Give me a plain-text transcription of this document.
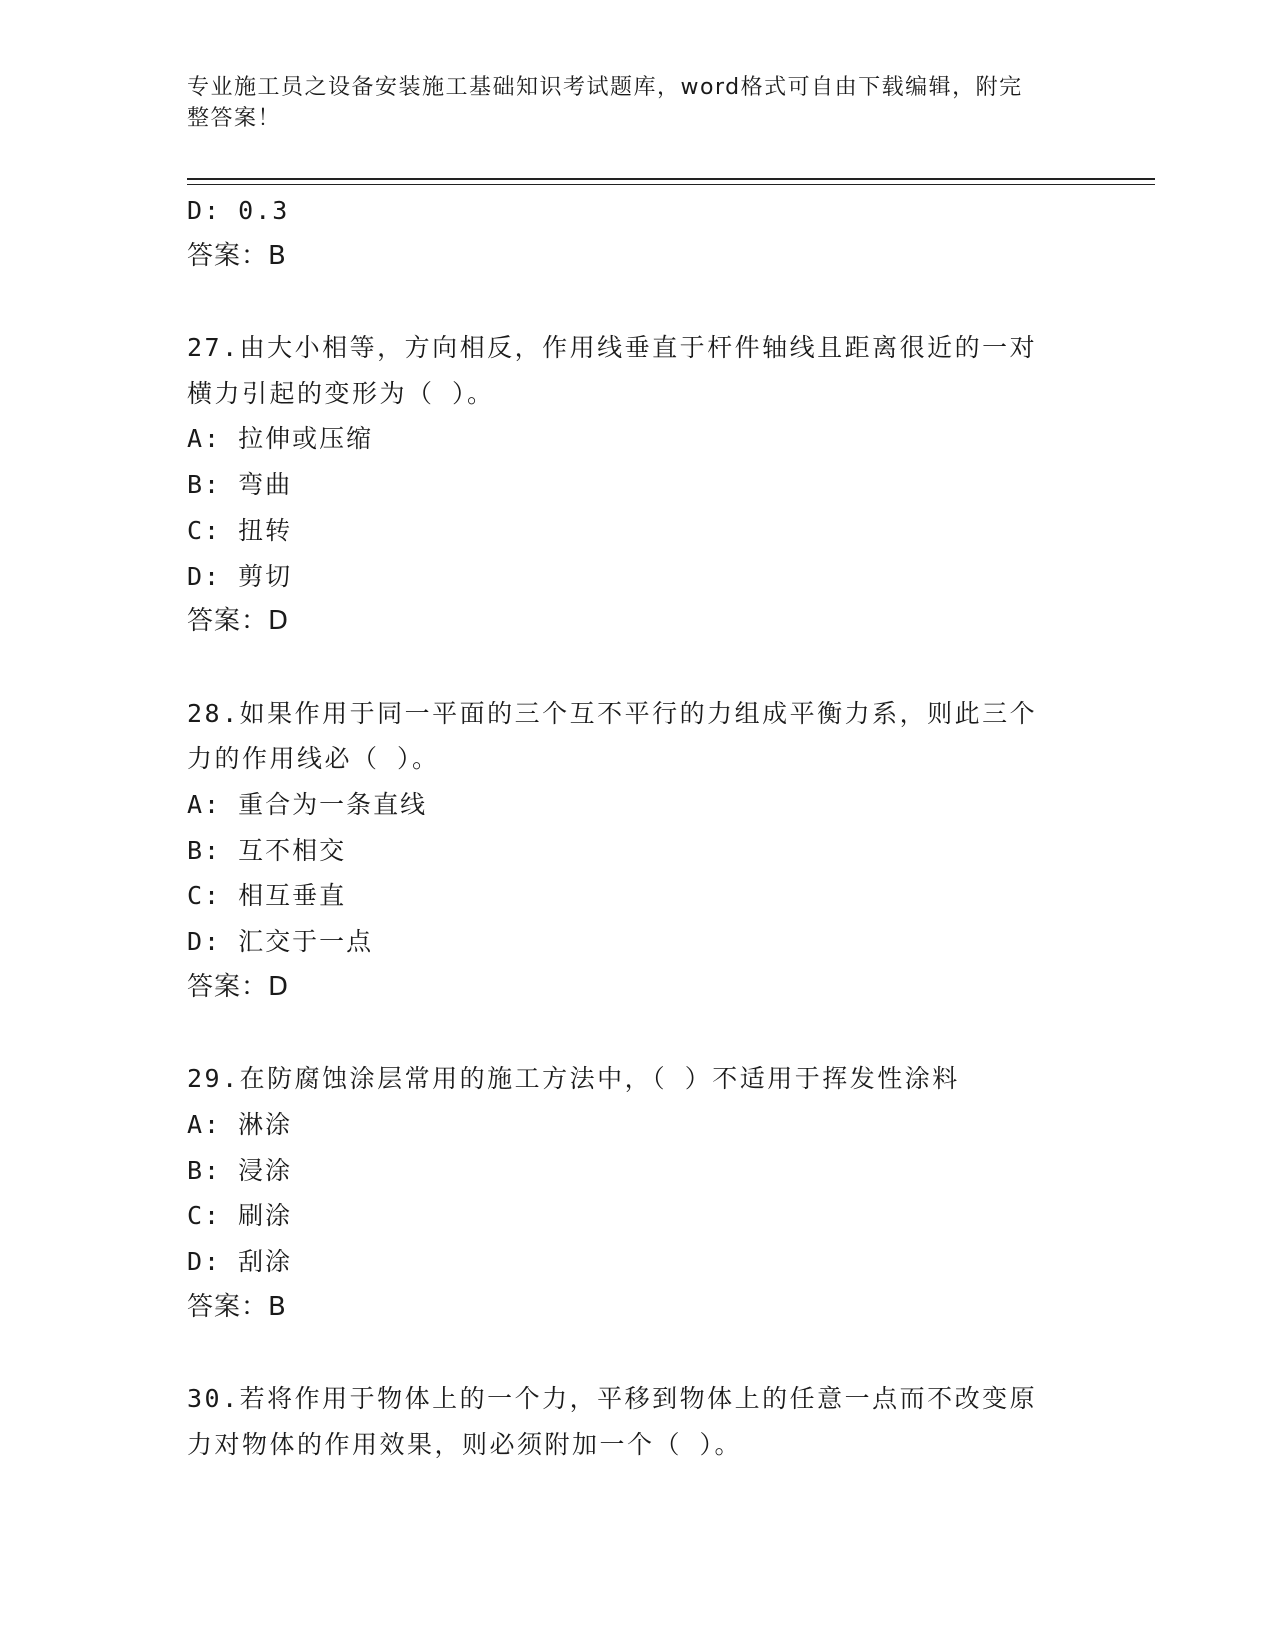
专业施工员之设备安装施工基础知识考试题库，word格式可自由下载编辑，附完
整答案！
D: 0.3
答案：B
27.由大小相等，方向相反，作用线垂直于杆件轴线且距离很近的一对
横力引起的变形为（ ）。
A: 拉伸或压缩
B: 弯曲
C: 扭转
D: 剪切
答案：D
28.如果作用于同一平面的三个互不平行的力组成平衡力系，则此三个
力的作用线必（ ）。
A: 重合为一条直线
B: 互不相交
C: 相互垂直
D: 汇交于一点
答案：D
29.在防腐蚀涂层常用的施工方法中，（ ）不适用于挥发性涂料
A: 淋涂
B: 浸涂
C: 刷涂
D: 刮涂
答案：B
30.若将作用于物体上的一个力，平移到物体上的任意一点而不改变原
力对物体的作用效果，则必须附加一个（ ）。
